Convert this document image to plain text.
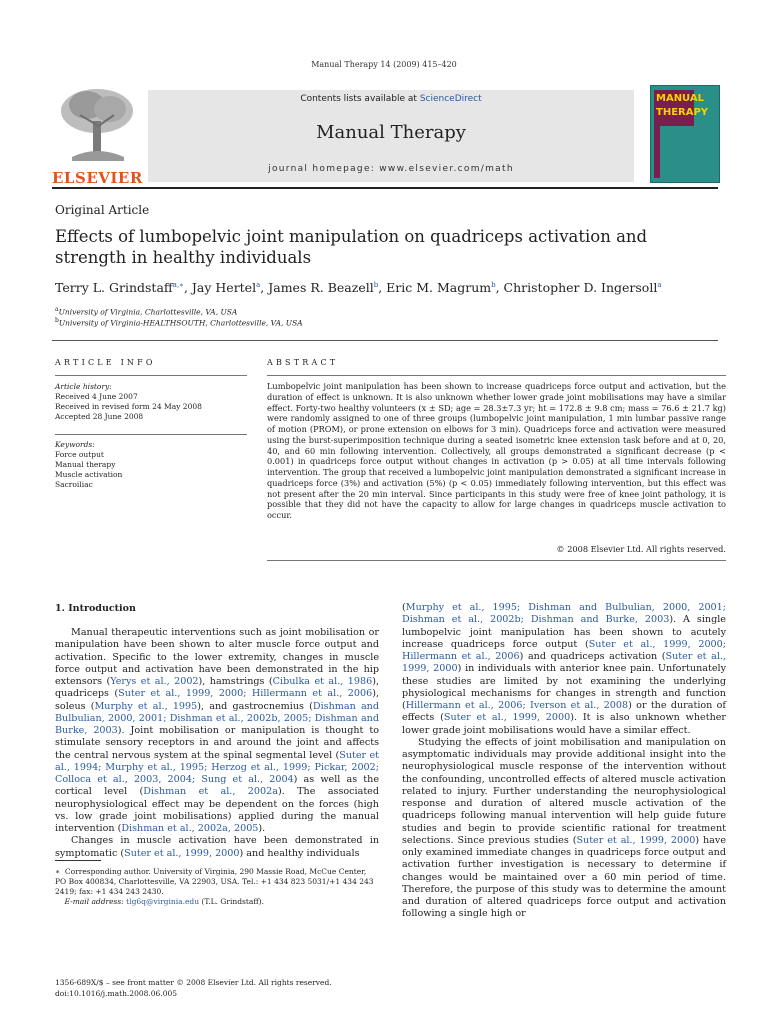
Manual Therapy 14 (2009) 415–420
ELSEVIER
Contents lists available at ScienceDirect
Manual Therapy
journal homepage: www.elsevier.com/math
MANUAL
THERAPY
Original Article
Effects of lumbopelvic joint manipulation on quadriceps activation and strength in healthy individuals
Terry L. Grindstaff$^{a,∗}$, Jay Hertel$^a$, James R. Beazell$^b$, Eric M. Magrum$^b$, Christopher D. Ingersoll$^a$
$^a$University of Virginia, Charlottesville, VA, USA
$^b$University of Virginia-HEALTHSOUTH, Charlottesville, VA, USA
ARTICLE INFO	ABSTRACT
Article history:
Received 4 June 2007
Received in revised form 24 May 2008
Accepted 28 June 2008
Keywords:
Force output
Manual therapy
Muscle activation
Sacroiliac
Lumbopelvic joint manipulation has been shown to increase quadriceps force output and activation, but the duration of effect is unknown. It is also unknown whether lower grade joint mobilisations may have a similar effect. Forty-two healthy volunteers (x ± SD; age = 28.3±7.3 yr; ht = 172.8 ± 9.8 cm; mass = 76.6 ± 21.7 kg) were randomly assigned to one of three groups (lumbopelvic joint manipulation, 1 min lumbar passive range of motion (PROM), or prone extension on elbows for 3 min). Quadriceps force and activation were measured using the burst-superimposition technique during a seated isometric knee extension task before and at 0, 20, 40, and 60 min following intervention. Collectively, all groups demonstrated a significant decrease (p < 0.001) in quadriceps force output without changes in activation (p > 0.05) at all time intervals following intervention. The group that received a lumbopelvic joint manipulation demonstrated a significant increase in quadriceps force (3%) and activation (5%) (p < 0.05) immediately following intervention, but this effect was not present after the 20 min interval. Since participants in this study were free of knee joint pathology, it is possible that they did not have the capacity to allow for large changes in quadriceps muscle activation to occur.
© 2008 Elsevier Ltd. All rights reserved.
1. Introduction

Manual therapeutic interventions such as joint mobilisation or manipulation have been shown to alter muscle force output and activation. Specific to the lower extremity, changes in muscle force output and activation have been demonstrated in the hip extensors (Yerys et al., 2002), hamstrings (Cibulka et al., 1986), quadriceps (Suter et al., 1999, 2000; Hillermann et al., 2006), soleus (Murphy et al., 1995), and gastrocnemius (Dishman and Bulbulian, 2000, 2001; Dishman et al., 2002b, 2005; Dishman and Burke, 2003). Joint mobilisation or manipulation is thought to stimulate sensory receptors in and around the joint and affects the central nervous system at the spinal segmental level (Suter et al., 1994; Murphy et al., 1995; Herzog et al., 1999; Pickar, 2002; Colloca et al., 2003, 2004; Sung et al., 2004) as well as the cortical level (Dishman et al., 2002a). The associated neurophysiological effect may be dependent on the forces (high vs. low grade joint mobilisations) applied during the manual intervention (Dishman et al., 2002a, 2005).

Changes in muscle activation have been demonstrated in symptomatic (Suter et al., 1999, 2000) and healthy individuals

(Murphy et al., 1995; Dishman and Bulbulian, 2000, 2001; Dishman et al., 2002b; Dishman and Burke, 2003). A single lumbopelvic joint manipulation has been shown to acutely increase quadriceps force output (Suter et al., 1999, 2000; Hillermann et al., 2006) and quadriceps activation (Suter et al., 1999, 2000) in individuals with anterior knee pain. Unfortunately these studies are limited by not examining the underlying physiological mechanisms for changes in strength and function (Hillermann et al., 2006; Iverson et al., 2008) or the duration of effects (Suter et al., 1999, 2000). It is also unknown whether lower grade joint mobilisations would have a similar effect.

Studying the effects of joint mobilisation and manipulation on asymptomatic individuals may provide additional insight into the neurophysiological muscle response of the intervention without the confounding, uncontrolled effects of altered muscle activation related to injury. Further understanding the neurophysiological response and duration of altered muscle activation of the quadriceps following manual intervention will help guide future studies and begin to provide scientific rational for treatment selections. Since previous studies (Suter et al., 1999, 2000) have only examined immediate changes in quadriceps force output and activation further investigation is necessary to determine if changes would be maintained over a 60 min period of time. Therefore, the purpose of this study was to determine the amount and duration of altered quadriceps force output and activation following a single high or

∗ Corresponding author. University of Virginia, 290 Massie Road, McCue Center, PO Box 400834, Charlottesville, VA 22903, USA. Tel.: +1 434 823 5031/+1 434 243 2419; fax: +1 434 243 2430.
E-mail address: tlg6q@virginia.edu (T.L. Grindstaff).
1356-689X/$ – see front matter © 2008 Elsevier Ltd. All rights reserved.
doi:10.1016/j.math.2008.06.005
